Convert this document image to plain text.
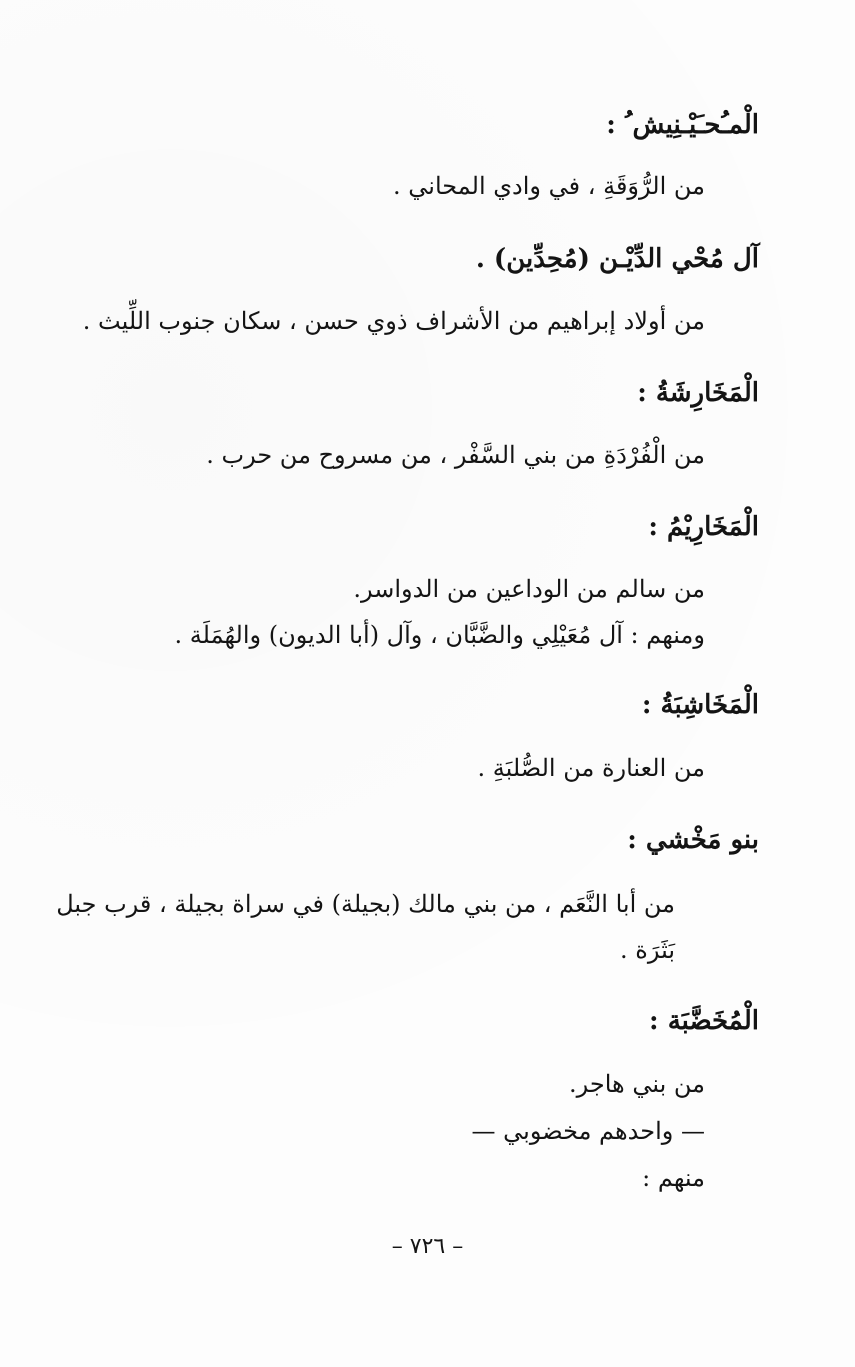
الْمـُحـَيْـنِيش ُ :
من الرُّوَقَةِ ، في وادي المحاني .
آل مُحْي الدِّيْـن (مُحِدِّين) .
من أولاد إبراهيم من الأشراف ذوي حسن ، سكان جنوب اللِّيث .
الْمَخَارِشَةُ :
من الْفُرْدَةِ من بني السَّفْر ، من مسروح من حرب .
الْمَخَارِيْمُ :
من سالم من الوداعين من الدواسر.
ومنهم : آل مُعَيْلِي والضَّبَّان ، وآل (أبا الديون) والهُمَلَة .
الْمَخَاشِبَةُ :
من العنارة من الصُّلبَةِ .
بنو مَخْشي :
من أبا النَّعَم ، من بني مالك (بجيلة) في سراة بجيلة ، قرب جبل
بَثَرَة .
الْمُخَضَّبَة :
من بني هاجر.
— واحدهم مخضوبي —
منهم :
– ٧٢٦ –
